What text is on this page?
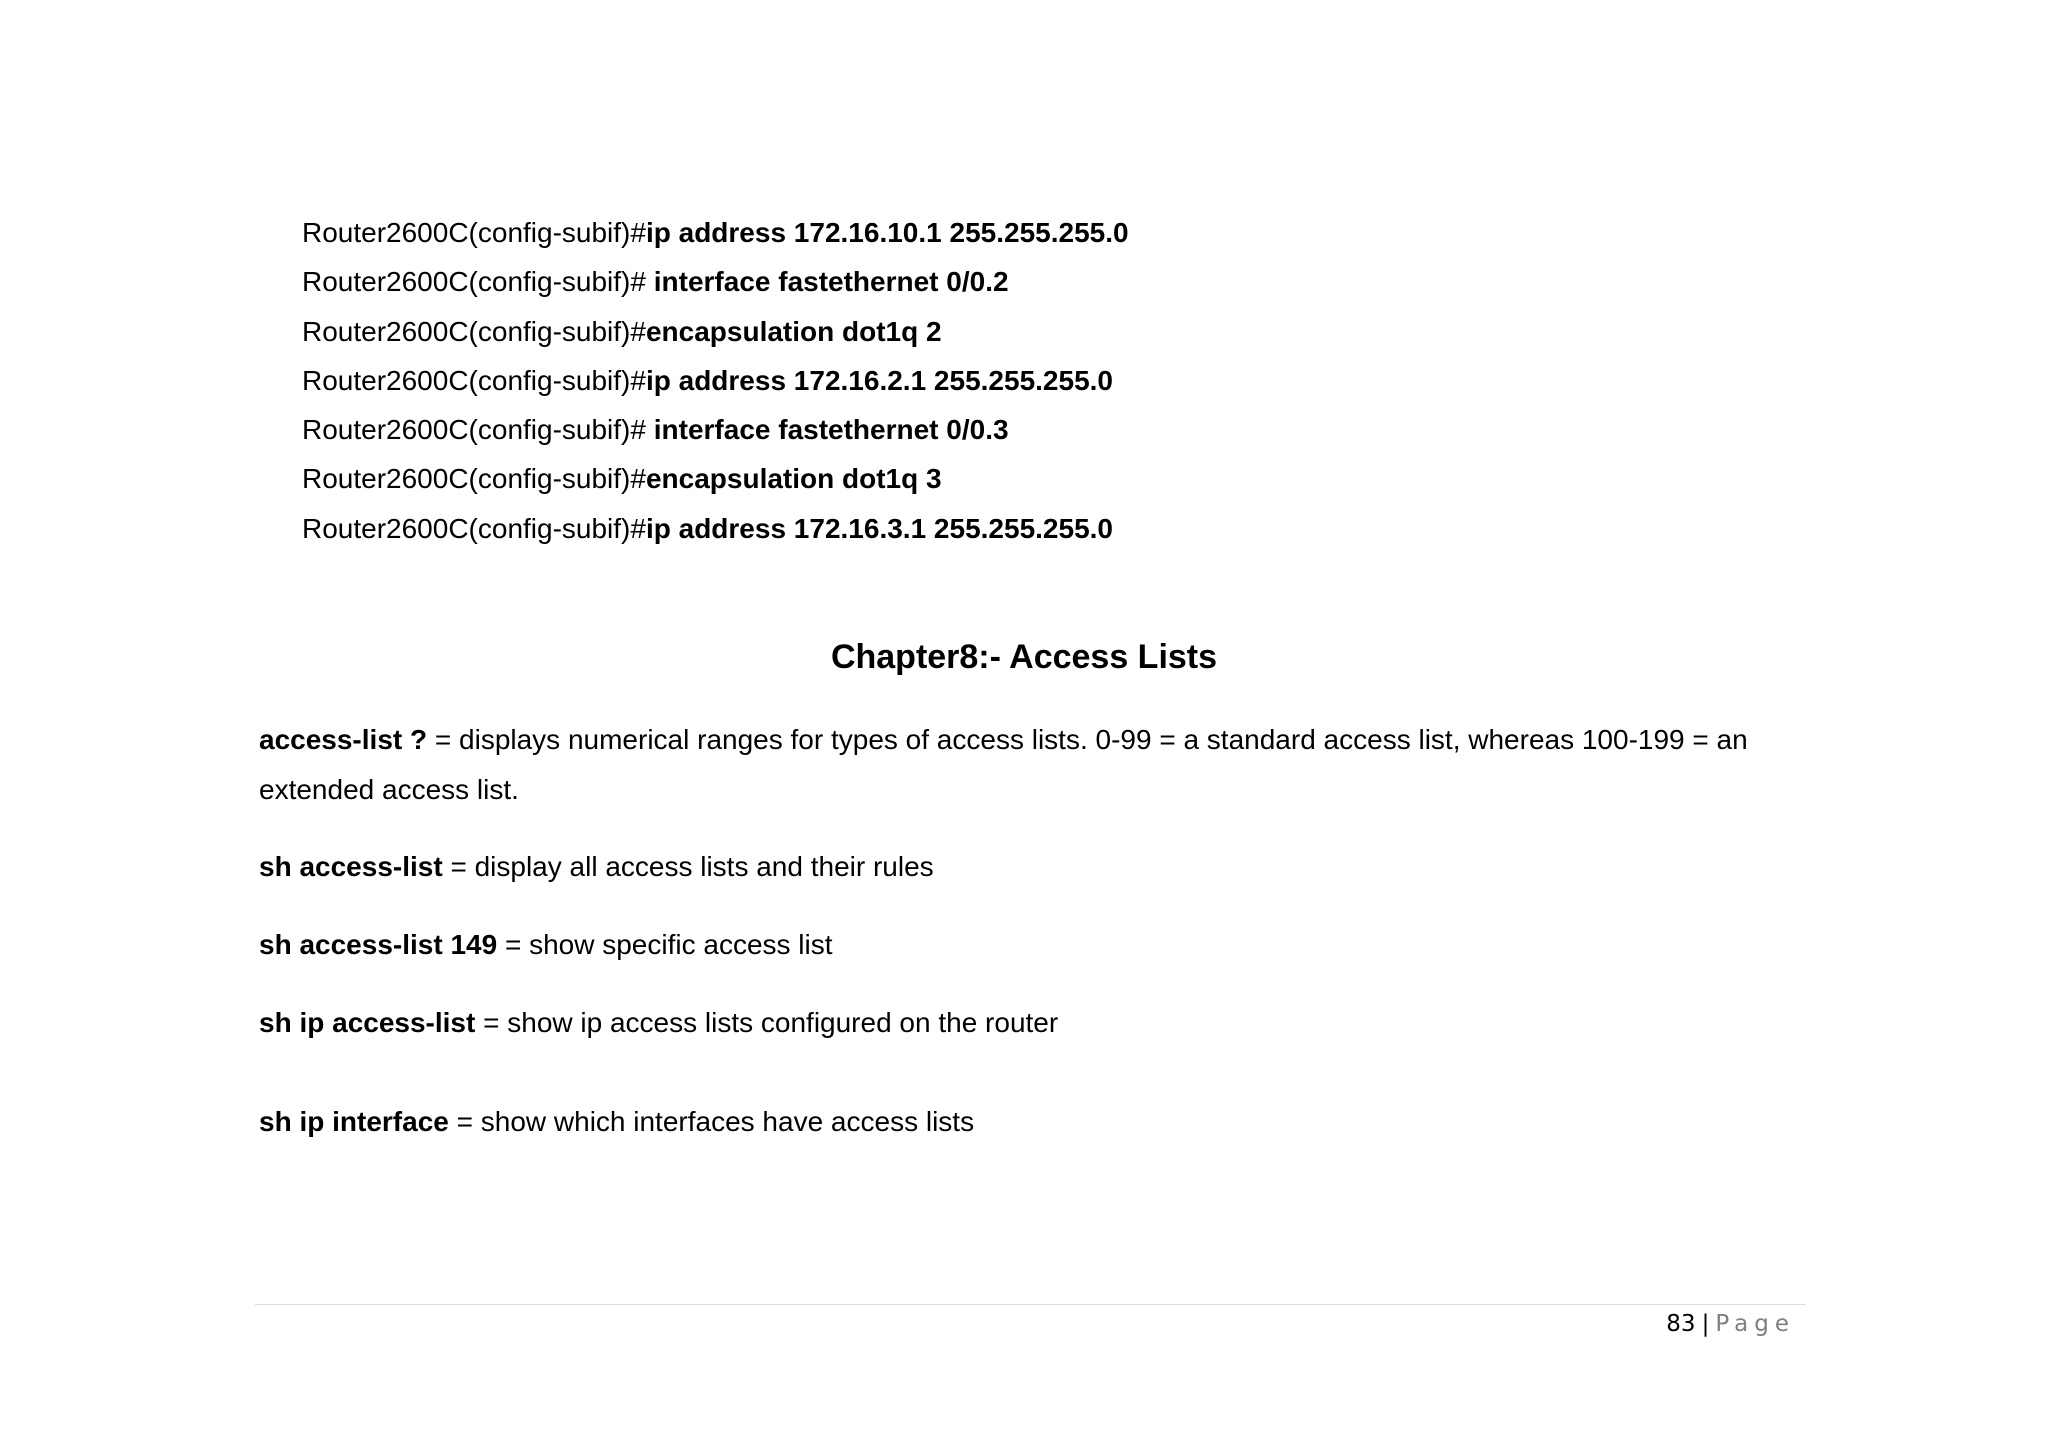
Router2600C(config-subif)#ip address 172.16.10.1 255.255.255.0
Router2600C(config-subif)# interface fastethernet 0/0.2
Router2600C(config-subif)#encapsulation dot1q 2
Router2600C(config-subif)#ip address 172.16.2.1 255.255.255.0
Router2600C(config-subif)# interface fastethernet 0/0.3
Router2600C(config-subif)#encapsulation dot1q 3
Router2600C(config-subif)#ip address 172.16.3.1 255.255.255.0
Chapter8:- Access Lists
access-list ? = displays numerical ranges for types of access lists. 0-99 = a standard access list, whereas 100-199 = an extended access list.
sh access-list = display all access lists and their rules
sh access-list 149 = show specific access list
sh ip access-list = show ip access lists configured on the router
sh ip interface = show which interfaces have access lists
83 | Page
